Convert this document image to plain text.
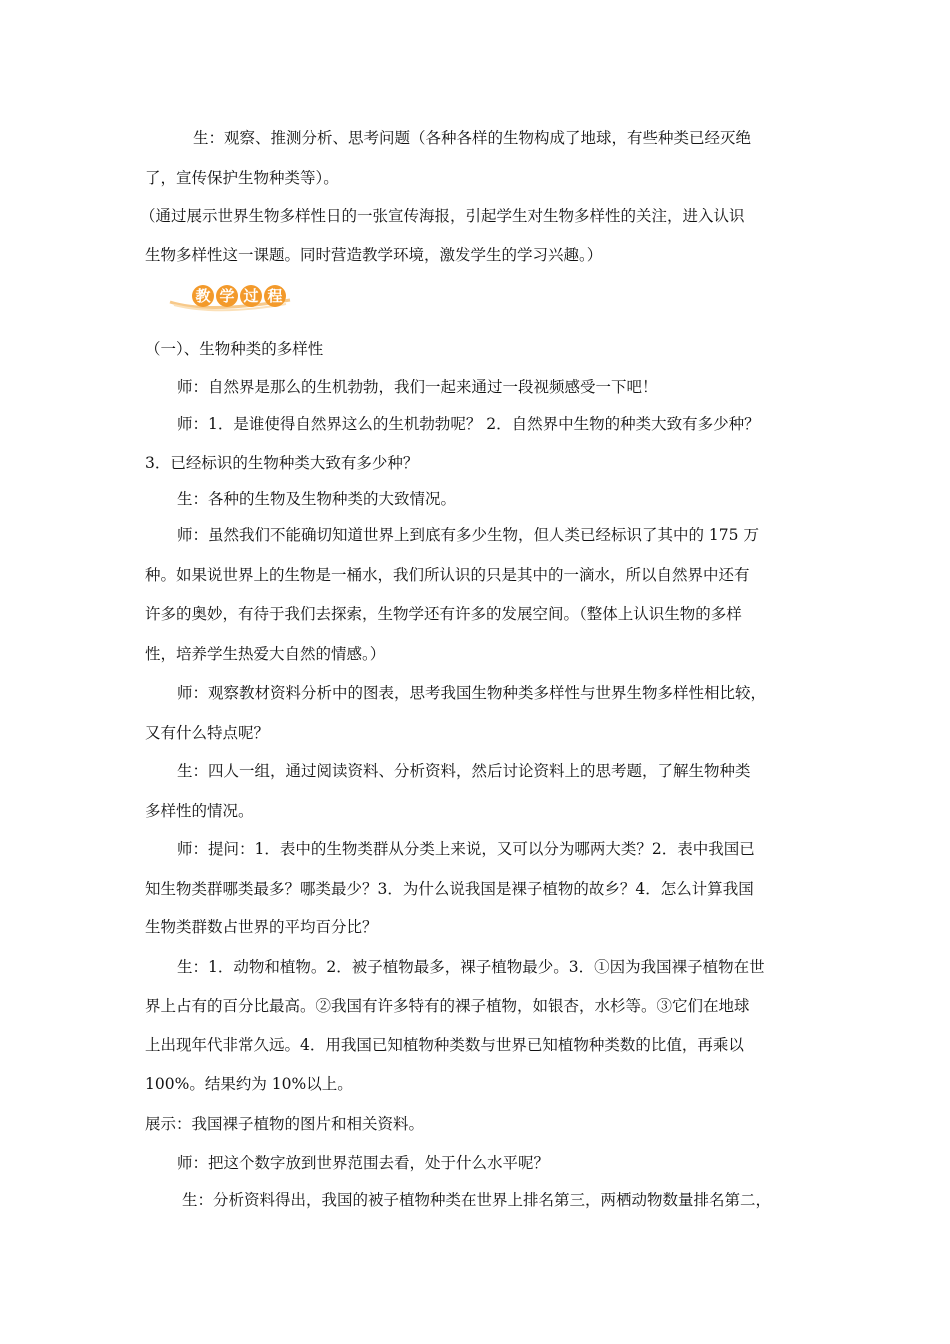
生：观察、推测分析、思考问题（各种各样的生物构成了地球，有些种类已经灭绝
了，宣传保护生物种类等）。
（通过展示世界生物多样性日的一张宣传海报，引起学生对生物多样性的关注，进入认识
生物多样性这一课题。同时营造教学环境，激发学生的学习兴趣。）
教 学 过 程
（一）、生物种类的多样性
师：自然界是那么的生机勃勃，我们一起来通过一段视频感受一下吧！
师：1．是谁使得自然界这么的生机勃勃呢？ 2．自然界中生物的种类大致有多少种？
3．已经标识的生物种类大致有多少种？
生：各种的生物及生物种类的大致情况。
师：虽然我们不能确切知道世界上到底有多少生物，但人类已经标识了其中的 175 万
种。如果说世界上的生物是一桶水，我们所认识的只是其中的一滴水，所以自然界中还有
许多的奥妙，有待于我们去探索，生物学还有许多的发展空间。（整体上认识生物的多样
性，培养学生热爱大自然的情感。）
师：观察教材资料分析中的图表，思考我国生物种类多样性与世界生物多样性相比较，
又有什么特点呢？
生：四人一组，通过阅读资料、分析资料，然后讨论资料上的思考题，了解生物种类
多样性的情况。
师：提问：1．表中的生物类群从分类上来说，又可以分为哪两大类？2．表中我国已
知生物类群哪类最多？哪类最少？3．为什么说我国是裸子植物的故乡？4．怎么计算我国
生物类群数占世界的平均百分比？
生：1．动物和植物。2．被子植物最多，裸子植物最少。3．①因为我国裸子植物在世
界上占有的百分比最高。②我国有许多特有的裸子植物，如银杏，水杉等。③它们在地球
上出现年代非常久远。4．用我国已知植物种类数与世界已知植物种类数的比值，再乘以
100%。结果约为 10%以上。
展示：我国裸子植物的图片和相关资料。
师：把这个数字放到世界范围去看，处于什么水平呢？
生：分析资料得出，我国的被子植物种类在世界上排名第三，两栖动物数量排名第二，
